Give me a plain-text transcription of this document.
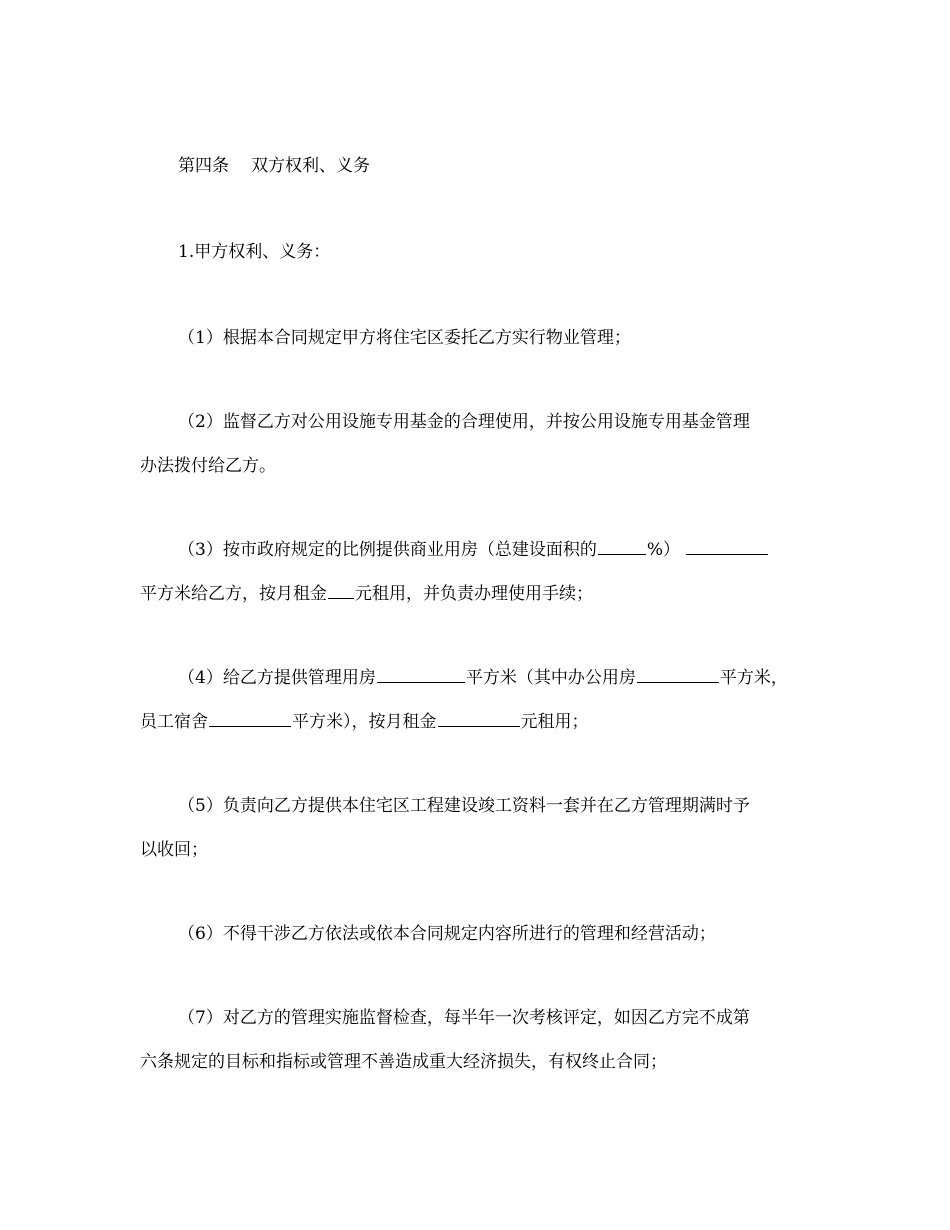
第四条 双方权利、义务
1.甲方权利、义务：
（1）根据本合同规定甲方将住宅区委托乙方实行物业管理；
（2）监督乙方对公用设施专用基金的合理使用，并按公用设施专用基金管理
办法拨付给乙方。
（3）按市政府规定的比例提供商业用房（总建设面积的	%）
平方米给乙方，按月租金 元租用，并负责办理使用手续；
（4）给乙方提供管理用房	平方米（其中办公用房	平方米，
员工宿舍	平方米），按月租金	元租用；
（5）负责向乙方提供本住宅区工程建设竣工资料一套并在乙方管理期满时予
以收回；
（6）不得干涉乙方依法或依本合同规定内容所进行的管理和经营活动；
（7）对乙方的管理实施监督检查，每半年一次考核评定，如因乙方完不成第
六条规定的目标和指标或管理不善造成重大经济损失，有权终止合同；
